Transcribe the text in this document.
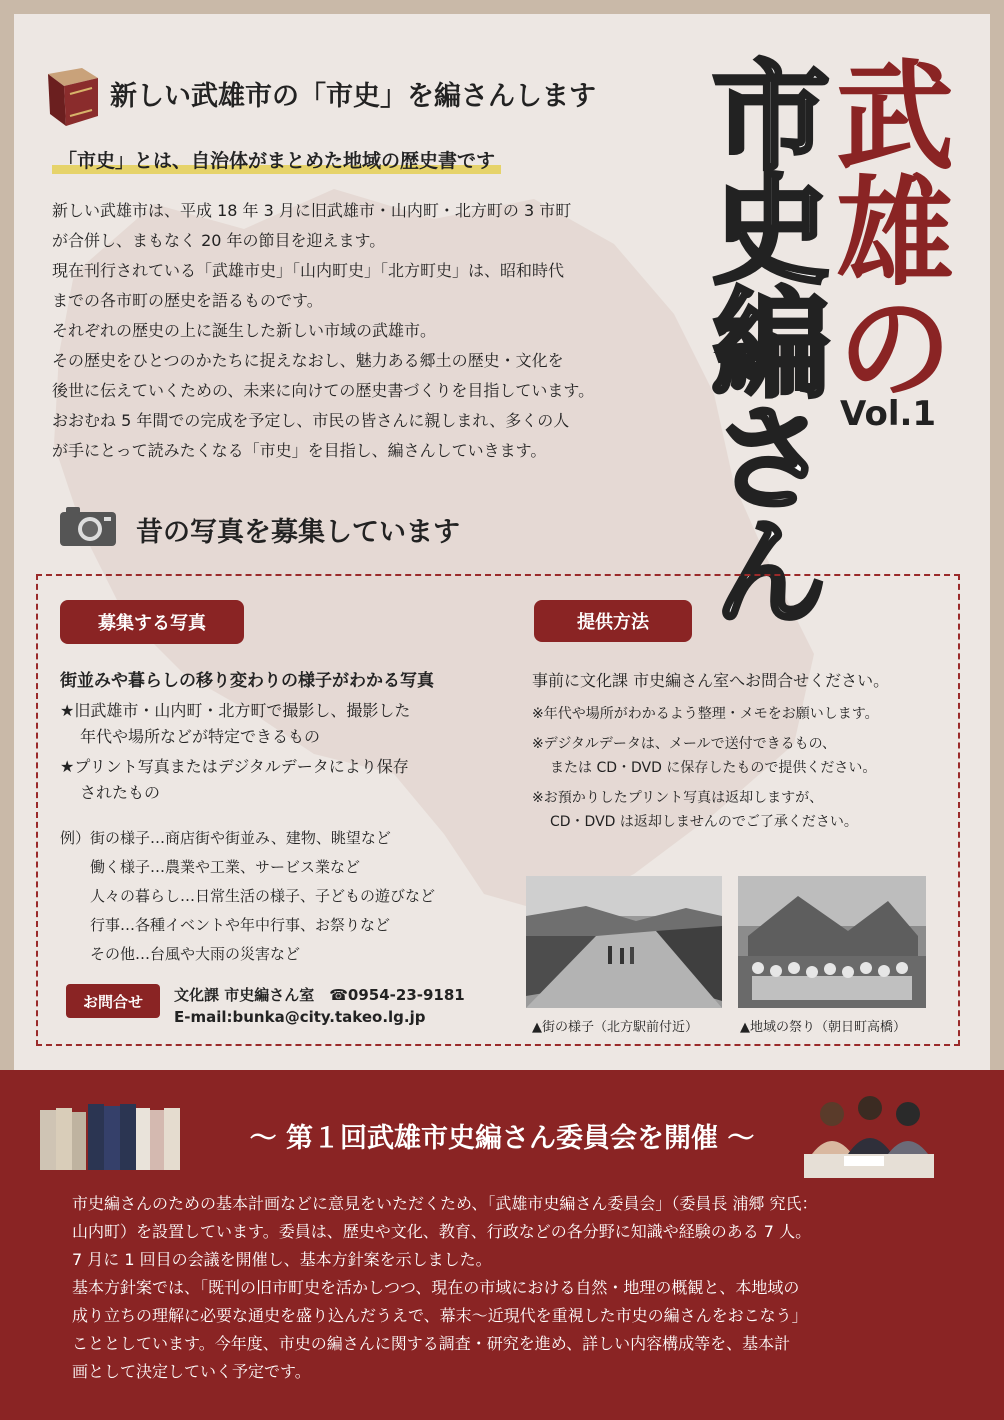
市史編さん
武雄の
Vol.1
新しい武雄市の「市史」を編さんします
「市史」とは、自治体がまとめた地域の歴史書です

新しい武雄市は、平成 18 年 3 月に旧武雄市・山内町・北方町の 3 市町

が合併し、まもなく 20 年の節目を迎えます。

現在刊行されている「武雄市史」「山内町史」「北方町史」は、昭和時代

までの各市町の歴史を語るものです。

それぞれの歴史の上に誕生した新しい市域の武雄市。

その歴史をひとつのかたちに捉えなおし、魅力ある郷土の歴史・文化を

後世に伝えていくための、未来に向けての歴史書づくりを目指しています。

おおむね 5 年間での完成を予定し、市民の皆さんに親しまれ、多くの人

が手にとって読みたくなる「市史」を目指し、編さんしていきます。

昔の写真を募集しています
募集する写真	提供方法
街並みや暮らしの移り変わりの様子がわかる写真
★旧武雄市・山内町・北方町で撮影し、撮影した
年代や場所などが特定できるもの
★プリント写真またはデジタルデータにより保存
されたもの
例）街の様子…商店街や街並み、建物、眺望など
働く様子…農業や工業、サービス業など
人々の暮らし…日常生活の様子、子どもの遊びなど
行事…各種イベントや年中行事、お祭りなど
その他…台風や大雨の災害など
事前に文化課 市史編さん室へお問合せください。
※年代や場所がわかるよう整理・メモをお願いします。
※デジタルデータは、メールで送付できるもの、
または CD・DVD に保存したもので提供ください。
※お預かりしたプリント写真は返却しますが、
CD・DVD は返却しませんのでご了承ください。
▲街の様子（北方駅前付近）	▲地域の祭り（朝日町高橋）
お問合せ	文化課 市史編さん室　☎0954-23-9181
E-mail:bunka@city.takeo.lg.jp
～ 第１回武雄市史編さん委員会を開催 ～

市史編さんのための基本計画などに意見をいただくため、「武雄市史編さん委員会」（委員長 浦郷 究氏：

山内町）を設置しています。委員は、歴史や文化、教育、行政などの各分野に知識や経験のある 7 人。

7 月に 1 回目の会議を開催し、基本方針案を示しました。

基本方針案では、「既刊の旧市町史を活かしつつ、現在の市域における自然・地理の概観と、本地域の

成り立ちの理解に必要な通史を盛り込んだうえで、幕末～近現代を重視した市史の編さんをおこなう」

こととしています。今年度、市史の編さんに関する調査・研究を進め、詳しい内容構成等を、基本計

画として決定していく予定です。
